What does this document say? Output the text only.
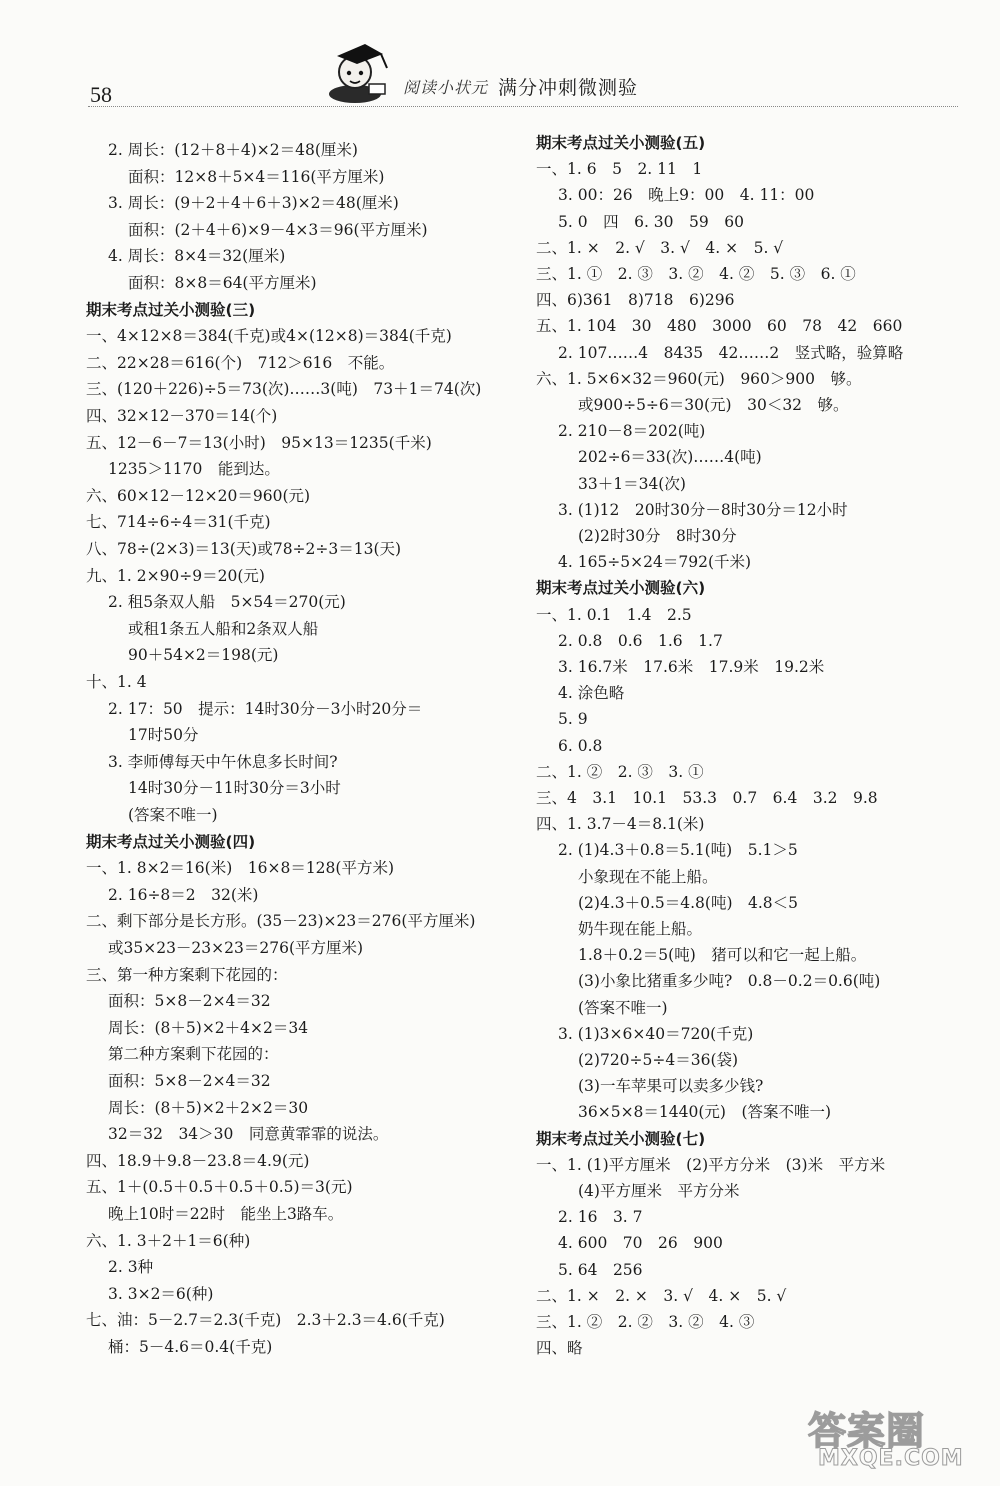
58	阅读小状元 满分冲刺微测验
2. 周长：(12＋8＋4)×2＝48(厘米)
面积：12×8＋5×4＝116(平方厘米)
3. 周长：(9＋2＋4＋6＋3)×2＝48(厘米)
面积：(2＋4＋6)×9－4×3＝96(平方厘米)
4. 周长：8×4＝32(厘米)
面积：8×8＝64(平方厘米)
期末考点过关小测验(三)
一、4×12×8＝384(千克)或4×(12×8)＝384(千克)
二、22×28＝616(个)　712＞616　不能。
三、(120＋226)÷5＝73(次)……3(吨)　73＋1＝74(次)
四、32×12－370＝14(个)
五、12－6－7＝13(小时)　95×13＝1235(千米)
1235＞1170　能到达。
六、60×12－12×20＝960(元)
七、714÷6÷4＝31(千克)
八、78÷(2×3)＝13(天)或78÷2÷3＝13(天)
九、1. 2×90÷9＝20(元)
2. 租5条双人船　5×54＝270(元)
或租1条五人船和2条双人船
90＋54×2＝198(元)
十、1. 4
2. 17：50　提示：14时30分－3小时20分＝
17时50分
3. 李师傅每天中午休息多长时间?
14时30分－11时30分＝3小时
(答案不唯一)
期末考点过关小测验(四)
一、1. 8×2＝16(米)　16×8＝128(平方米)
2. 16÷8＝2　32(米)
二、剩下部分是长方形。(35－23)×23＝276(平方厘米)
或35×23－23×23＝276(平方厘米)
三、第一种方案剩下花园的：
面积：5×8－2×4＝32
周长：(8＋5)×2＋4×2＝34
第二种方案剩下花园的：
面积：5×8－2×4＝32
周长：(8＋5)×2＋2×2＝30
32＝32　34＞30　同意黄霏霏的说法。
四、18.9＋9.8－23.8＝4.9(元)
五、1＋(0.5＋0.5＋0.5＋0.5)＝3(元)
晚上10时＝22时　能坐上3路车。
六、1. 3＋2＋1＝6(种)
2. 3种
3. 3×2＝6(种)
七、油：5－2.7＝2.3(千克)　2.3＋2.3＝4.6(千克)
桶：5－4.6＝0.4(千克)
期末考点过关小测验(五)
一、1. 6　5　2. 11　1
3. 00：26　晚上9：00　4. 11：00
5. 0　四　6. 30　59　60
二、1. ×　2. √　3. √　4. ×　5. √
三、1. ①　2. ③　3. ②　4. ②　5. ③　6. ①
四、6)361　8)718　6)296
五、1. 104　30　480　3000　60　78　42　660
2. 107……4　8435　42……2　竖式略，验算略
六、1. 5×6×32＝960(元)　960＞900　够。
或900÷5÷6＝30(元)　30＜32　够。
2. 210－8＝202(吨)
202÷6＝33(次)……4(吨)
33＋1＝34(次)
3. (1)12　20时30分－8时30分＝12小时
(2)2时30分　8时30分
4. 165÷5×24＝792(千米)
期末考点过关小测验(六)
一、1. 0.1　1.4　2.5
2. 0.8　0.6　1.6　1.7
3. 16.7米　17.6米　17.9米　19.2米
4. 涂色略
5. 9
6. 0.8
二、1. ②　2. ③　3. ①
三、4　3.1　10.1　53.3　0.7　6.4　3.2　9.8
四、1. 3.7－4＝8.1(米)
2. (1)4.3＋0.8＝5.1(吨)　5.1＞5
小象现在不能上船。
(2)4.3＋0.5＝4.8(吨)　4.8＜5
奶牛现在能上船。
1.8＋0.2＝5(吨)　猪可以和它一起上船。
(3)小象比猪重多少吨?　0.8－0.2＝0.6(吨)
(答案不唯一)
3. (1)3×6×40＝720(千克)
(2)720÷5÷4＝36(袋)
(3)一车苹果可以卖多少钱?
36×5×8＝1440(元)　(答案不唯一)
期末考点过关小测验(七)
一、1. (1)平方厘米　(2)平方分米　(3)米　平方米
(4)平方厘米　平方分米
2. 16　3. 7
4. 600　70　26　900
5. 64　256
二、1. ×　2. ×　3. √　4. ×　5. √
三、1. ②　2. ②　3. ②　4. ③
四、略
答案圈
MXQE.COM
